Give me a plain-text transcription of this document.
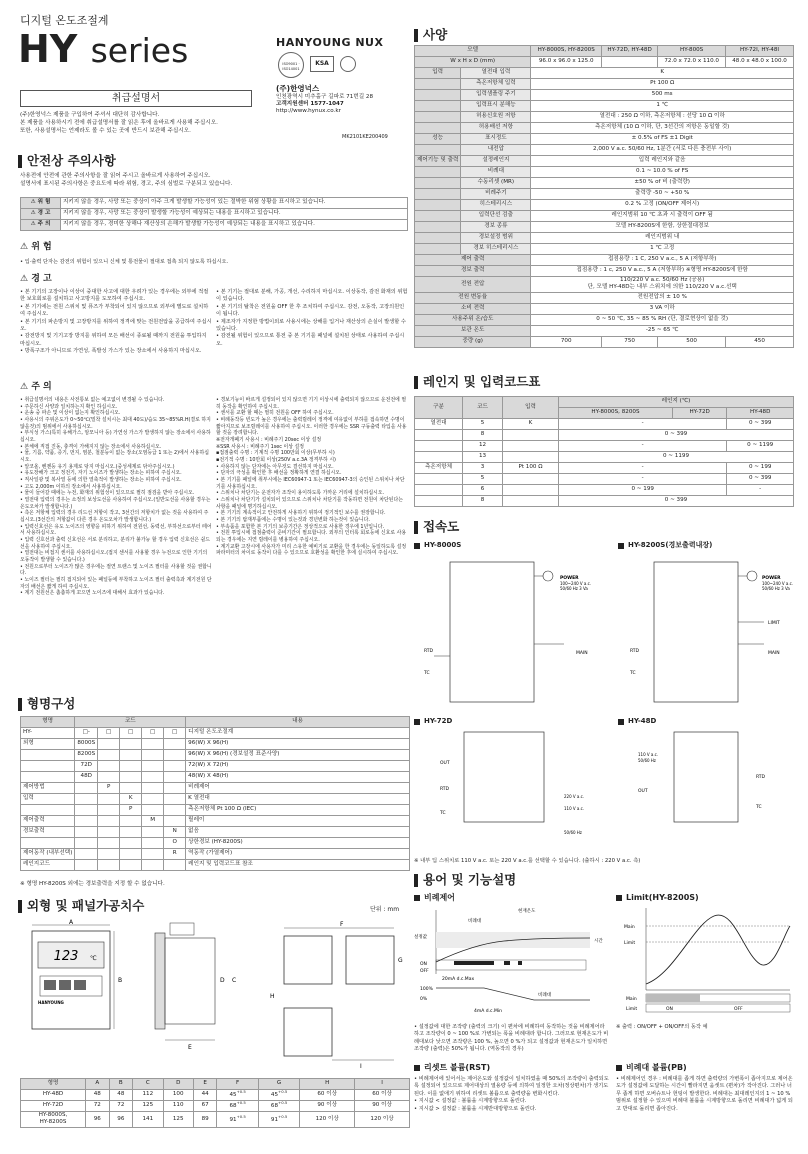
디지털 온도조절계
HY series
취급설명서
(주)한영넉스 제품을 구입하여 주셔서 대단히 감사합니다.
본 제품을 사용하시기 전에 취급설명서를 잘 읽은 후에 올바르게 사용해 주십시오.
또한, 사용설명서는 언제라도 볼 수 있는 곳에 반드시 보관해 주십시오.
HANYOUNG NUX
ISO9001 · ISO14001
KSA
(주)한영넉스
인천광역시 미추홀구 길파로 71번길 28
고객지원센터 1577-1047
http://www.hynux.co.kr
MK2101KE200409
안전상 주의사항
사용전에 안전에 관한 주의사항을 잘 읽어 주시고 올바르게 사용하여 주십시오.
설명서에 표시된 주의사항은 중요도에 따라 위험, 경고, 주의 심벌로 구분되고 있습니다.
⚠ 위 험	지키지 않을 경우, 사망 또는 중상이 아주 크게 발생할 가능성이 있는 절박한 위험 상황을 표시하고 있습니다.
⚠ 경 고	지키지 않을 경우, 사망 또는 중상이 발생할 가능성이 예상되는 내용을 표시하고 있습니다.
⚠ 주 의	지키지 않을 경우, 경미한 상해나 재산상의 손해가 발생할 가능성이 예상되는 내용을 표시하고 있습니다.
⚠ 위 험
• 입·출력 단자는 감전의 위험이 있으니 신체 및 통전물이 절대로 접촉 되지 않도록 하십시오.
⚠ 경 고
• 본 기기의 고장이나 이상이 중대한 사고에 대한 우려가 있는 경우에는 외부에 적절한 보호회로를 설치하고 사고방지를 도모하여 주십시오.
• 본 기기에는 전원 스위치 및 퓨즈가 부착되어 있지 않으므로 외부에 별도로 설치하여 주십시오.
• 본 기기의 파손방지 및 고장방지를 위하여 정격에 맞는 전원전압을 공급하여 주십시오.
• 감전방지 및 기기고장 방지를 위하여 모든 배선이 종료될 때까지 전원을 투입하지 마십시오.
• 방폭구조가 아니므로 가연성, 폭발성 가스가 있는 장소에서 사용하지 마십시오.
• 본 기기는 절대로 분해, 가공, 개선, 수리하지 마십시오. 이상동작, 감전 화재의 위험이 있습니다.
• 본 기기의 탈착은 전원을 OFF 한 후 조치하여 주십시오. 감전, 오동작, 고장의원인이 됩니다.
• 제조자가 지정한 방법이외로 사용시에는 상해를 입거나 재산상의 손실이 발생할 수 있습니다.
• 감전될 위험이 있으므로 통전 중 본 기기를 패널에 설치된 상태로 사용하여 주십시오.
⚠ 주 의
• 취급설명서의 내용은 사전통보 없는 예고없이 변경될 수 있습니다.
• 주문하신 사양과 일치하는지 확인 하십시오.
• 운송 중 파손 및 이상이 없는지 확인하십시오.
• 사용시의 주위온도가 0~50℃(밀착 설치시는 최대 40도)/습도 35~85%R.H(결로 하지 않을것)의 범위에서 사용하십시오.
• 부식성 가스(특히 유해가스, 암모니아 등) 가연성 가스가 발생하지 않는 장소에서 사용하십시오.
• 본체에 직접 진동, 충격이 가해지지 않는 장소에서 사용하십시오.
• 물, 기름, 약품, 증기, 먼지, 염분, 철분등이 없는 장소(오염등급 1 또는 2)에서 사용하십시오.
• 알코올, 벤젠등 유기 용제로 닦지 마십시오.(중성세제로 닦아주십시오.)
• 유도장해가 크고 정전기, 자기 노이즈가 발생하는 장소는 피하여 주십시오.
• 직사일광 및 복사열 등에 의한 열축적이 발생하는 장소는 피하여 주십시오.
• 고도 2,000m 이하의 장소에서 사용하십시오.
• 물이 들어갈 때에는 누전, 화재의 위험성이 있으므로 필히 점검을 받아 주십시오.
• 열전대 입력의 경우는 소정의 보상도선을 사용하여 주십시오.(일반도선을 사용할 경우는 온도오차가 발생합니다.)
• 측온 저항체 입력의 경우 리드선 저항이 작고, 3선간의 저항치가 없는 것을 사용하여 주십시오.(3선간의 저항값이 다른 경우 온도오차가 발생합니다.)
• 입력신호선은 유도 노이즈의 영향을 피하기 위하여 전원선, 동력선, 부하선으로부터 떼어서 사용하십시오.
• 입력 신호선과 출력 신호선은 서로 분리하고, 분리가 불가능 할 경우 입력 신호선은 쉴드선을 사용하여 주십시오.
• 열전대는 비접지 센서를 사용하십시오.(접지 센서를 사용할 경우 누전으로 인한 기기의 오동작이 발생할 수 있습니다.)
• 전원으로부터 노이즈가 많은 경우에는 절연 트랜스 및 노이즈 필터를 사용할 것을 권합니다.
• 노이즈 필터는 필히 접지되어 있는 패널등에 부착하고 노이즈 필터 출력측과 계기전원 단자의 배선은 짧게 하여 주십시오.
• 계기 전원선은 촘촘하게 꼬으면 노이즈에 대해서 효과가 있습니다.
• 경보기능이 바르게 설정되어 있지 않으면 기기 이상시에 출력되지 않으므로 운전전에 필히 동작을 확인하여 주십시오.
• 센서를 교환 할 때는 필히 전원을 OFF 하여 주십시오.
• 비례동작등 빈도가 높은 경우에는 출력릴레이 정격에 여유없이 부하를 접속하면 수명이 짧아지므로 보조릴레이를 사용하여 주십시오. 이러한 경우에는 SSR 구동출력 타입을 사용할 것을 장려합니다.
※전자개폐기 사용시 : 비례주기 20sec 이상 설정
※SSR 사용시 : 비례주기 1sec 이상 설정
▪접점출력 수명 : 기계적 수명 100만회 이상(무부하 시)
▪전기적 수명 : 10만회 이상(250V a.c.3A 정격부하 시)
• 사용하지 않는 단자에는 아무것도 결선하지 마십시오.
• 단자의 극성을 확인한 후 배선을 정확하게 연결 하십시오.
• 본 기기를 패널에 취부시에는 IEC60947-1 또는 IEC60947-3의 승인된 스위치나 차단기를 사용하십시오.
• 스위치나 차단기는 운전자가 조작이 용이하도록 가까운 거리에 설치하십시오.
• 스위치나 차단기가 설치되어 있으므로 스위치나 차단기를 작동하면 전원이 차단된다는 사항을 패널에 명기하십시오.
• 본 기기의 계속적이고 안전하게 사용하기 위하여 정기적인 보수를 권장합니다.
• 본 기기의 탑재부품에는 수명이 있는것과 경년변화 하는것이 있습니다.
• 부속품을 포함한 본 기기의 보증기간은 정상적으로 사용한 경우에 1년입니다.
• 전원 투입시에 접점출력이 준비기간이 필요합니다. 외부의 인터록 회로등에 신호로 사용되는 경우에는 지연 릴레이를 병용하여 주십시오.
• 계기교환 고장시에 사용자가 미리 스유한 예비기로 교환을 한 경우에는 동일하도록 설정 파라미터의 차이로 동작이 다를 수 있으므로 호환성을 확인한 후에 실시하여 주십시오.
형명구성
형명	코드					내용
HY-	□-	□	□	□	□	디지털 온도조절계
외형	8000S					96(W) X 96(H)
	8200S					96(W) X 96(H) (경보설정 표준사양)
	72D					72(W) X 72(H)
	48D					48(W) X 48(H)
제어방법		P				비례제어
입력			K			K 열전대
			P			측온저항체 Pt 100 Ω (IEC)
제어출력				M		릴레이
경보출력					N	없음
					O	상한경보 (HY-8200S)
제어동작 (내부선택)					R	역동작 (가열제어)
레인지코드						레인지 및 입력코드표 참조
※ 형명 HY-8200S 외에는 경보출력을 지정 할 수 없습니다.
외형 및 패널가공치수	단위 : mm
123 ℃
HANYOUNG
A
B	C
D
E
F
G
H
I
형명	A	B	C	D	E	F	G	H	I
HY-48D	48	48	112	100	44	$45^{+0.5}$	$45^{+0.5}$	60 이상	60 이상
HY-72D	72	72	125	110	67	$68^{+0.5}$	$68^{+0.5}$	90 이상	90 이상
HY-8000S,
HY-8200S	96	96	141	125	89	$91^{+0.5}$	$91^{+0.5}$	120 이상	120 이상
사양
모델		HY-8000S, HY-8200S	HY-72D, HY-48D	HY-800S	HY-72I, HY-48I
W x H x D (mm)		96.0 x 96.0 x 125.0		72.0 x 72.0 x 110.0	48.0 x 48.0 x 100.0
입력	열전대 입력	K			
	측온저항체 입력	Pt 100 Ω			
	입력샘플링 주기	500 ms			
	입력표시 분해능	1 ℃			
	허용신호원 저항	열전대 : 250 Ω 이하, 측온저항체 : 선당 10 Ω 이하			
	허용배선 저항	측온저항체 (10 Ω 이하, 단, 3선간의 저항은 동일할 것)			
성능	표시정도	± 0.5% of FS ±1 Digit			
	내전압	2,000 V a.c. 50/60 Hz, 1분간 (서로 다른 충전부 사이)			
제어기능 및 출력	설정레인지	입력 레인지와 같음			
	비례대	0.1 ~ 10.0 % of FS			
	수동리셋 (MR)	±50 % of 비 (출력량)			
	비례주기	출력량 -50 ~ +50 %			
	히스테리시스	0.2 % 고정 (ON/OFF 제어시)			
	입력단선 검출	레인지범위 10 ℃ 초과 시 출력이 OFF 됨			
	경보 종류	모델 HY-8200S에 한함, 상한절대경보			
	경보설정 범위	레인지범위 내			
	경보 히스테리시스	1 ℃ 고정			
제어 출력		접점용량 : 1 C, 250 V a.c., 5 A (저항부하)			
경보 출력		접점용량 : 1 c, 250 V a.c., 5 A (저항부하) ※형명 HY-8200S에 한함			
전원 전압		110/220 V a.c. 50/60 Hz (공용)
단, 모델 HY-48D는 내부 스위치에 의한 110/220 V a.c.선택			
전원 변동율		전원전압의 ± 10 %			
소비 전력		3 VA 이하			
사용주위 온/습도		0 ~ 50 ℃, 35 ~ 85 % RH (단, 결로현상이 없을 것)			
보관 온도		-25 ~ 65 ℃			
중량 (g)		700	750	500	450
레인지 및 입력코드표
구분	코드	입력	레인지 (℃)		
			HY-8000S, 8200S	HY-72D	HY-48D
열전대	5	K	-		0 ~ 399
	8		0 ~ 399		
	12		-		0 ~ 1199
	13		0 ~ 1199		
측온저항체	3	Pt 100 Ω	-		0 ~ 199
	5		-		0 ~ 399
	6		0 ~ 199		-
	8		0 ~ 399		
접속도
HY-8000S	HY-8200S(경보출력내장)
HY-72D	HY-48D
POWER
100~240 V a.c.
50/60 Hz 3 Va
RTD
TC
MAIN
POWER
100~240 V a.c.
50/60 Hz 3 Va
LIMIT
MAIN
RTD
TC
OUT
RTD
TC
220 V a.c.
110 V a.c.
50/60 Hz
110 V a.c.
50/60 Hz
OUT
RTD
TC
※ 내부 딥 스위치로 110 V a.c. 또는 220 V a.c.를 선택할 수 있습니다. (출하시 : 220 V a.c. 측)
용어 및 기능설명
비례제어	Limit(HY-8200S)
설정값
비례대
현재온도
시간
ON
OFF
20mA d.c.Max
100%
0%
비례대
4mA d.c.Min
Main
Limit
Main
Limit	ON	OFF
• 설정값에 대한 조작량 (출력의 크기) 이 편차에 비례하여 동작하는 것을 비례제어라 하고 조작량이 0 ~ 100 %로 가변되는 폭을 비례대라 합니다. 그러므로 현재온도가 비례대보다 낮으면 조작량은 100 %, 높으면 0 %가 되고 설정값과 현재온도가 일치하면 조작량 (출력)은 50%가 됩니다. (역동작의 경우)
※ 출력 : ON/OFF + ON/OFF의 동작 예
리셋트 볼륨(RST)
• 비례제어에 있어서는 제어온도와 설정값이 일치하였을 때 50%의 조작량이 출력되도록 설정되어 있으므로 제어대상의 열용량 등에 의하여 일정한 오차(정상편차)가 생기도 된다. 이를 없애기 위하여 리셋트 볼륨으로 출력량을 변화시킨다.
• 지시값 < 설정값 : 볼륨을 시계방향으로 돌린다.
• 지시값 > 설정값 : 볼륨을 시계반대방향으로 돌린다.
비례대 볼륨(PB)
• 비례제어인 경우 : 비례대를 좁게 하면 출력량의 가변폭이 좁아지므로 제어온도가 설정값에 도달하는 시간이 빨라지면 움셋트 (편차)가 작아진다. 그러나 너무 좁게 하면 오버슈트나 헌팅이 발생한다. 비례대는 최대레인지의 1 ~ 10 % 범위로 설정할 수 있으며 비례대 볼륨을 시계방향으로 돌리면 비례대가 넓게 되고 반대로 돌리면 좁아진다.
